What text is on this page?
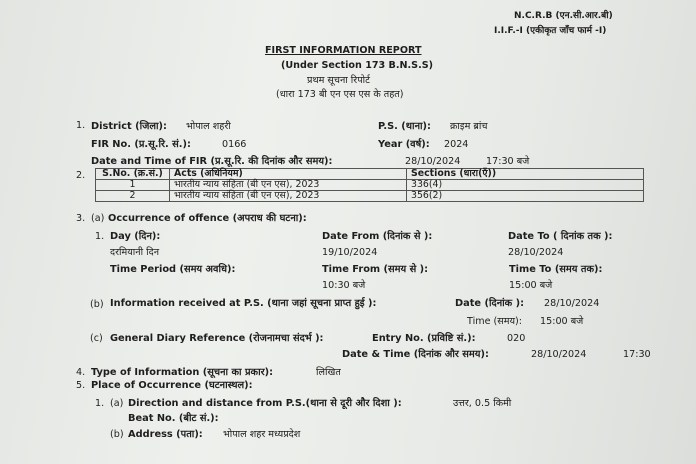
N.C.R.B (एन.सी.आर.बी)
I.I.F.-I (एकीकृत जाँच फार्म -I)
FIRST INFORMATION REPORT
(Under Section 173 B.N.S.S)
प्रथम सूचना रिपोर्ट
(धारा 173 बी एन एस एस के तहत)
1. District (जिला): भोपाल शहरी	P.S. (थाना): क्राइम ब्रांच
FIR No. (प्र.सू.रि. सं.):	0166	Year (वर्ष): 2024
Date and Time of FIR (प्र.सू.रि. की दिनांक और समय):	28/10/2024	17:30 बजे
2. S.No. (क्र.सं.)	Acts (अधिनियम)	Sections (धारा(एँ))
1	भारतीय न्याय संहिता (बी एन एस), 2023	336(4)
2	भारतीय न्याय संहिता (बी एन एस), 2023	356(2)
3. (a) Occurrence of offence (अपराध की घटना):
1. Day (दिन):
दरमियानी दिन
Date From (दिनांक से ):
19/10/2024
Date To ( दिनांक तक ):
28/10/2024
Time Period (समय अवधि):	Time From (समय से ):
10:30 बजे
Time To (समय तक):
15:00 बजे
(b) Information received at P.S. (थाना जहां सूचना प्राप्त हुई ):	Date (दिनांक ): 28/10/2024
Time (समय): 15:00 बजे
(c) General Diary Reference (रोजनामचा संदर्भ ):	Entry No. (प्रविष्टि सं.):	020
Date & Time (दिनांक और समय):	28/10/2024	17:30
4. Type of Information (सूचना का प्रकार):	लिखित
5. Place of Occurrence (घटनास्थल):
1. (a) Direction and distance from P.S.(थाना से दूरी और दिशा ):	उत्तर, 0.5 किमी
Beat No. (बीट सं.):
(b) Address (पता): भोपाल शहर मध्यप्रदेश
